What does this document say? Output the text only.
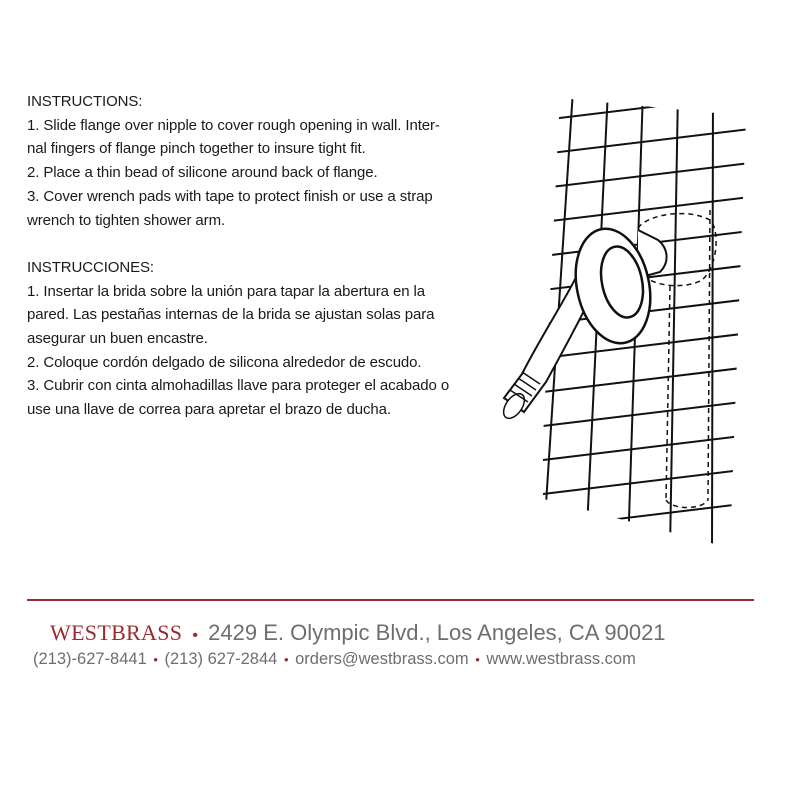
INSTRUCTIONS:

1. Slide flange over nipple to cover rough opening in wall. Inter-

nal fingers of flange pinch together to insure tight fit.

2. Place a thin bead of silicone around back of flange.

3. Cover wrench pads with tape to protect finish or use a strap

wrench to tighten shower arm.

INSTRUCCIONES:

1. Insertar la brida sobre la unión para tapar la abertura en la

pared. Las pestañas internas de la brida se ajustan solas para

asegurar un buen encastre.

2. Coloque cordón delgado de silicona alrededor de escudo.

3. Cubrir con cinta almohadillas llave para proteger el acabado o

use una llave de correa para apretar el brazo de ducha.

WESTBRASS • 2429 E. Olympic Blvd., Los Angeles, CA 90021
(213)-627-8441 • (213) 627-2844 • orders@westbrass.com • www.westbrass.com
